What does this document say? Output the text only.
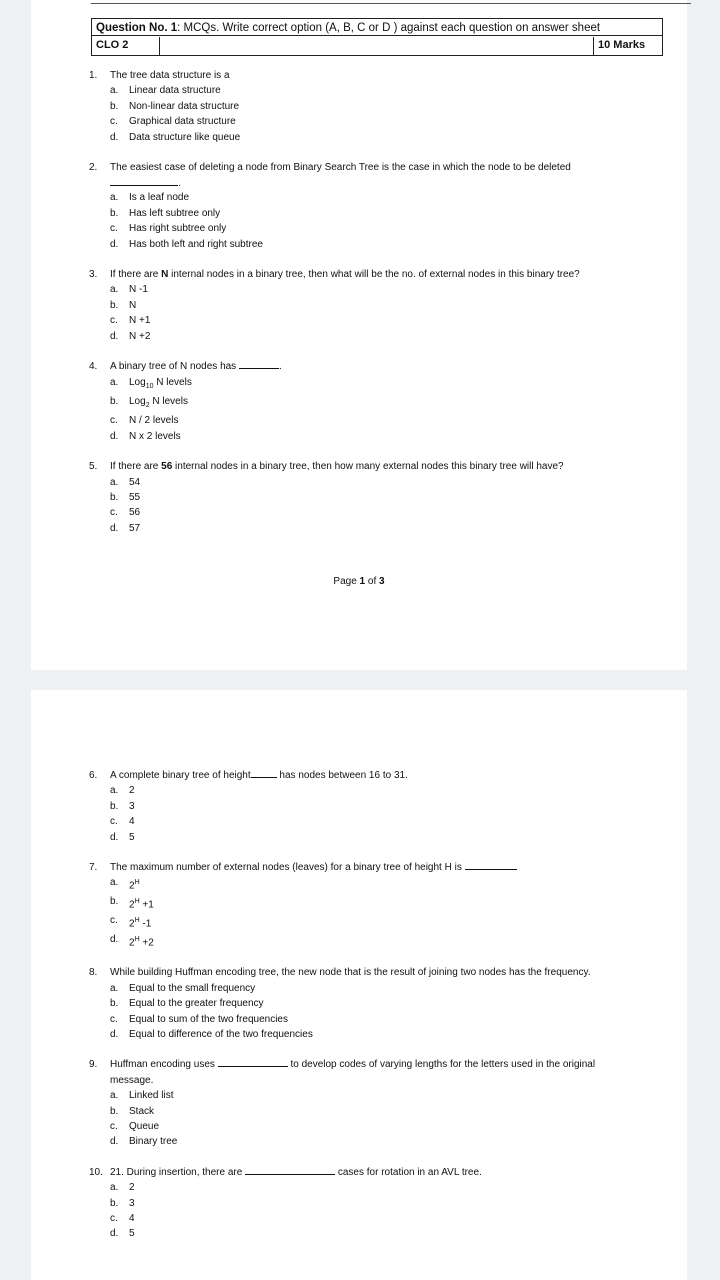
Question No. 1: MCQs. Write correct option (A, B, C or D ) against each question on answer sheet
CLO 2	10 Marks
1. The tree data structure is a
a.	Linear data structure
b.	Non-linear data structure
c.	Graphical data structure
d.	Data structure like queue
2. The easiest case of deleting a node from Binary Search Tree is the case in which the node to be deleted
.
a.	Is a leaf node
b.	Has left subtree only
c.	Has right subtree only
d.	Has both left and right subtree
3. If there are N internal nodes in a binary tree, then what will be the no. of external nodes in this binary tree?
a.	N -1
b.	N
c.	N +1
d.	N +2
4. A binary tree of N nodes has	.
a.	Log$_{10}$ N levels
b.	Log$_2$ N levels
c.	N / 2 levels
d.	N x 2 levels
5. If there are 56 internal nodes in a binary tree, then how many external nodes this binary tree will have?
a.	54
b.	55
c.	56
d.	57
Page 1 of 3
6. A complete binary tree of height	has nodes between 16 to 31.
a.	2
b.	3
c.	4
d.	5
7. The maximum number of external nodes (leaves) for a binary tree of height H is
a.	$2^H$
b.	$2^H +1$
c.	$2^H$ -1
d.	$2^H +2$
8. While building Huffman encoding tree, the new node that is the result of joining two nodes has the frequency.
a.	Equal to the small frequency
b.	Equal to the greater frequency
c.	Equal to sum of the two frequencies
d.	Equal to difference of the two frequencies
9. Huffman encoding uses	to develop codes of varying lengths for the letters used in the original message.
a.	Linked list
b.	Stack
c.	Queue
d.	Binary tree
10. 21. During insertion, there are	cases for rotation in an AVL tree.
a.	2
b.	3
c.	4
d.	5
